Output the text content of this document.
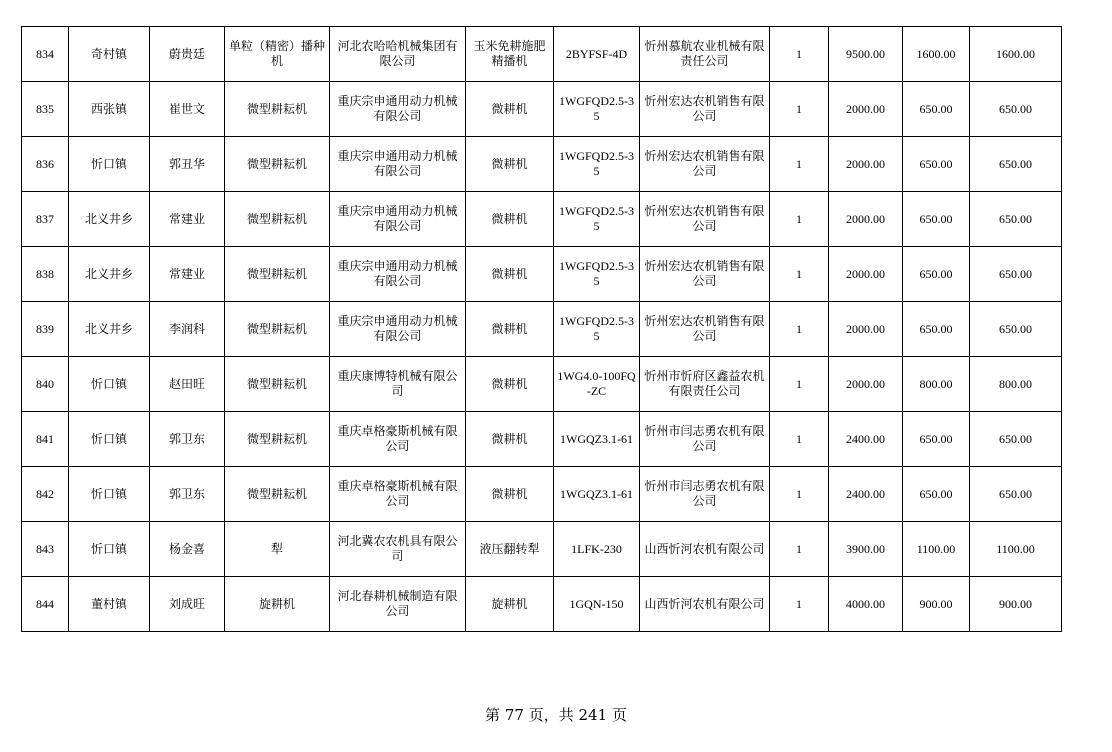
834	奇村镇	蔚贵廷	单粒（精密）播种机	河北农哈哈机械集团有限公司	玉米免耕施肥精播机	2BYFSF-4D	忻州慕航农业机械有限责任公司	1	9500.00	1600.00	1600.00
835	西张镇	崔世文	微型耕耘机	重庆宗申通用动力机械有限公司	微耕机	1WGFQD2.5-35	忻州宏达农机销售有限公司	1	2000.00	650.00	650.00
836	忻口镇	郭丑华	微型耕耘机	重庆宗申通用动力机械有限公司	微耕机	1WGFQD2.5-35	忻州宏达农机销售有限公司	1	2000.00	650.00	650.00
837	北义井乡	常建业	微型耕耘机	重庆宗申通用动力机械有限公司	微耕机	1WGFQD2.5-35	忻州宏达农机销售有限公司	1	2000.00	650.00	650.00
838	北义井乡	常建业	微型耕耘机	重庆宗申通用动力机械有限公司	微耕机	1WGFQD2.5-35	忻州宏达农机销售有限公司	1	2000.00	650.00	650.00
839	北义井乡	李润科	微型耕耘机	重庆宗申通用动力机械有限公司	微耕机	1WGFQD2.5-35	忻州宏达农机销售有限公司	1	2000.00	650.00	650.00
840	忻口镇	赵田旺	微型耕耘机	重庆康博特机械有限公司	微耕机	1WG4.0-100FQ-ZC	忻州市忻府区鑫益农机有限责任公司	1	2000.00	800.00	800.00
841	忻口镇	郭卫东	微型耕耘机	重庆卓格豪斯机械有限公司	微耕机	1WGQZ3.1-61	忻州市闫志勇农机有限公司	1	2400.00	650.00	650.00
842	忻口镇	郭卫东	微型耕耘机	重庆卓格豪斯机械有限公司	微耕机	1WGQZ3.1-61	忻州市闫志勇农机有限公司	1	2400.00	650.00	650.00
843	忻口镇	杨金喜	犁	河北冀农农机具有限公司	液压翻转犁	1LFK-230	山西忻河农机有限公司	1	3900.00	1100.00	1100.00
844	董村镇	刘成旺	旋耕机	河北春耕机械制造有限公司	旋耕机	1GQN-150	山西忻河农机有限公司	1	4000.00	900.00	900.00
第 77 页，共 241 页
